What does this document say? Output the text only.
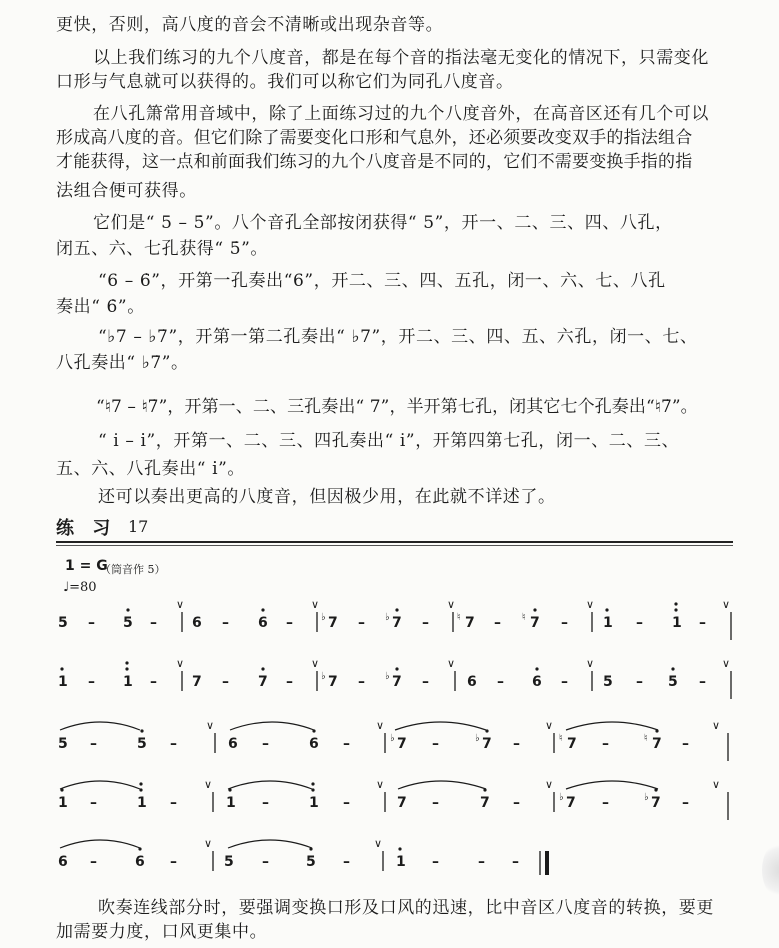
更快，否则，高八度的音会不清晰或出现杂音等。
以上我们练习的九个八度音，都是在每个音的指法毫无变化的情况下，只需变化
口形与气息就可以获得的。我们可以称它们为同孔八度音。
在八孔箫常用音域中，除了上面练习过的九个八度音外，在高音区还有几个可以
形成高八度的音。但它们除了需要变化口形和气息外，还必须要改变双手的指法组合
才能获得，这一点和前面我们练习的九个八度音是不同的，它们不需要变换手指的指
法组合便可获得。
它们是“ 5 – 5̇”。八个音孔全部按闭获得“ 5”，开一、二、三、四、八孔，
闭五、六、七孔获得“ 5̇”。
“6 – 6̇”，开第一孔奏出“6”，开二、三、四、五孔，闭一、六、七、八孔
奏出“ 6̇”。
“♭7 – ♭7̇”，开第一第二孔奏出“ ♭7”，开二、三、四、五、六孔，闭一、七、
八孔奏出“ ♭7̇”。
“♮7 – ♮7̇”，开第一、二、三孔奏出“ 7”，半开第七孔，闭其它七个孔奏出“♮7̇”。
“ i̇ – i̇̇”，开第一、二、三、四孔奏出“ i̇”，开第四第七孔，闭一、二、三、
五、六、八孔奏出“ i̇̇”。
还可以奏出更高的八度音，但因极少用，在此就不详述了。
练 习 17
1 = G
（筒音作 5）
♩=80
5 – 5 –
∨
6 – 6 –
∨
♭ 7 – ♭ 7 –
∨
♮ 7 – ♮ 7 –
∨
1 – 1 –
∨
1 – 1 –
∨
7 – 7 –
∨
♭ 7 – ♭ 7 –
∨
6 – 6 –
∨
5 – 5 –
∨
5 –	5 –
∨
6 –	6 –
∨
♭ 7 –	♭ 7 –
∨
♮ 7 –	♮ 7 –
∨
1 –	1 –
∨
1 –	1 –
∨
7 –	7 –
∨
♭ 7 –	♭ 7 –
∨
6 –	6 –
∨
5 –	5 –
∨
1 –	– –
吹奏连线部分时，要强调变换口形及口风的迅速，比中音区八度音的转换，要更
加需要力度，口风更集中。
